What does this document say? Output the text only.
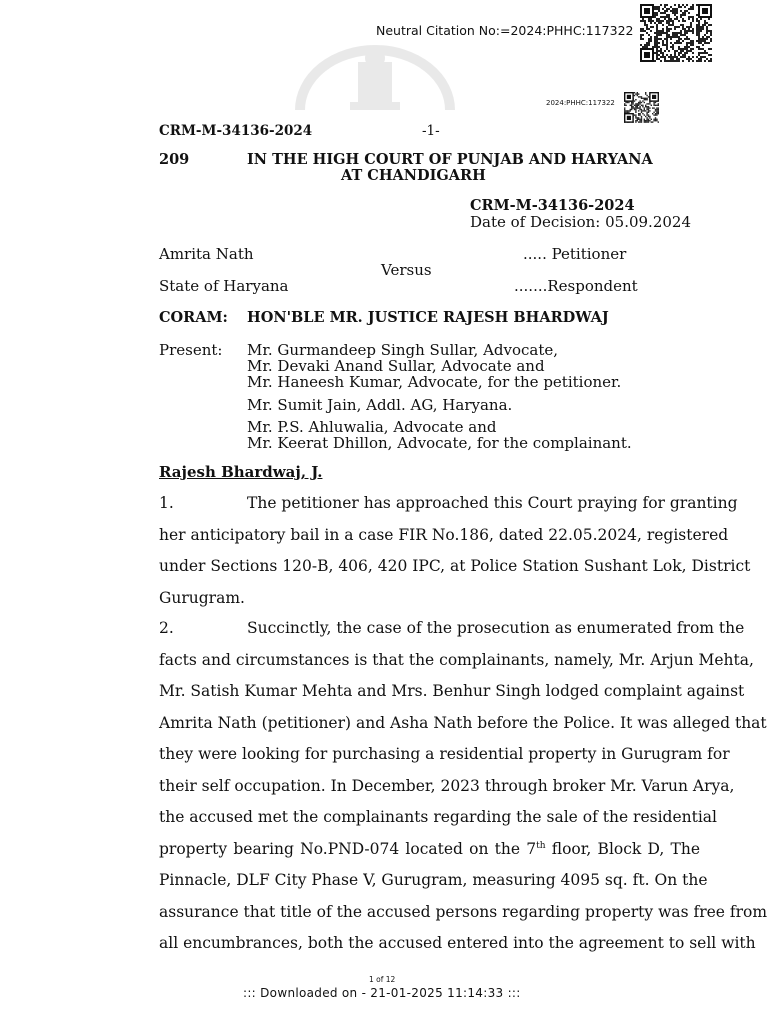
Neutral Citation No:=2024:PHHC:117322
2024:PHHC:117322
CRM-M-34136-2024	-1-
209	IN THE HIGH COURT OF PUNJAB AND HARYANA
AT CHANDIGARH
CRM-M-34136-2024
Date of Decision: 05.09.2024
Amrita Nath	..... Petitioner
Versus
State of Haryana	.......Respondent
CORAM: HON'BLE MR. JUSTICE RAJESH BHARDWAJ
Present: Mr. Gurmandeep Singh Sullar, Advocate,
Mr. Devaki Anand Sullar, Advocate and
Mr. Haneesh Kumar, Advocate, for the petitioner.
Mr. Sumit Jain, Addl. AG, Haryana.
Mr. P.S. Ahluwalia, Advocate and
Mr. Keerat Dhillon, Advocate, for the complainant.
Rajesh Bhardwaj, J.
1.	The petitioner has approached this Court praying for granting
her anticipatory bail in a case FIR No.186, dated 22.05.2024, registered
under Sections 120-B, 406, 420 IPC, at Police Station Sushant Lok, District
Gurugram.
2.	Succinctly, the case of the prosecution as enumerated from the
facts and circumstances is that the complainants, namely, Mr. Arjun Mehta,
Mr. Satish Kumar Mehta and Mrs. Benhur Singh lodged complaint against
Amrita Nath (petitioner) and Asha Nath before the Police. It was alleged that
they were looking for purchasing a residential property in Gurugram for
their self occupation. In December, 2023 through broker Mr. Varun Arya,
the accused met the complainants regarding the sale of the residential
property bearing No.PND-074 located on the 7th floor, Block D, The
Pinnacle, DLF City Phase V, Gurugram, measuring 4095 sq. ft. On the
assurance that title of the accused persons regarding property was free from
all encumbrances, both the accused entered into the agreement to sell with
1 of 12
::: Downloaded on - 21-01-2025 11:14:33 :::
